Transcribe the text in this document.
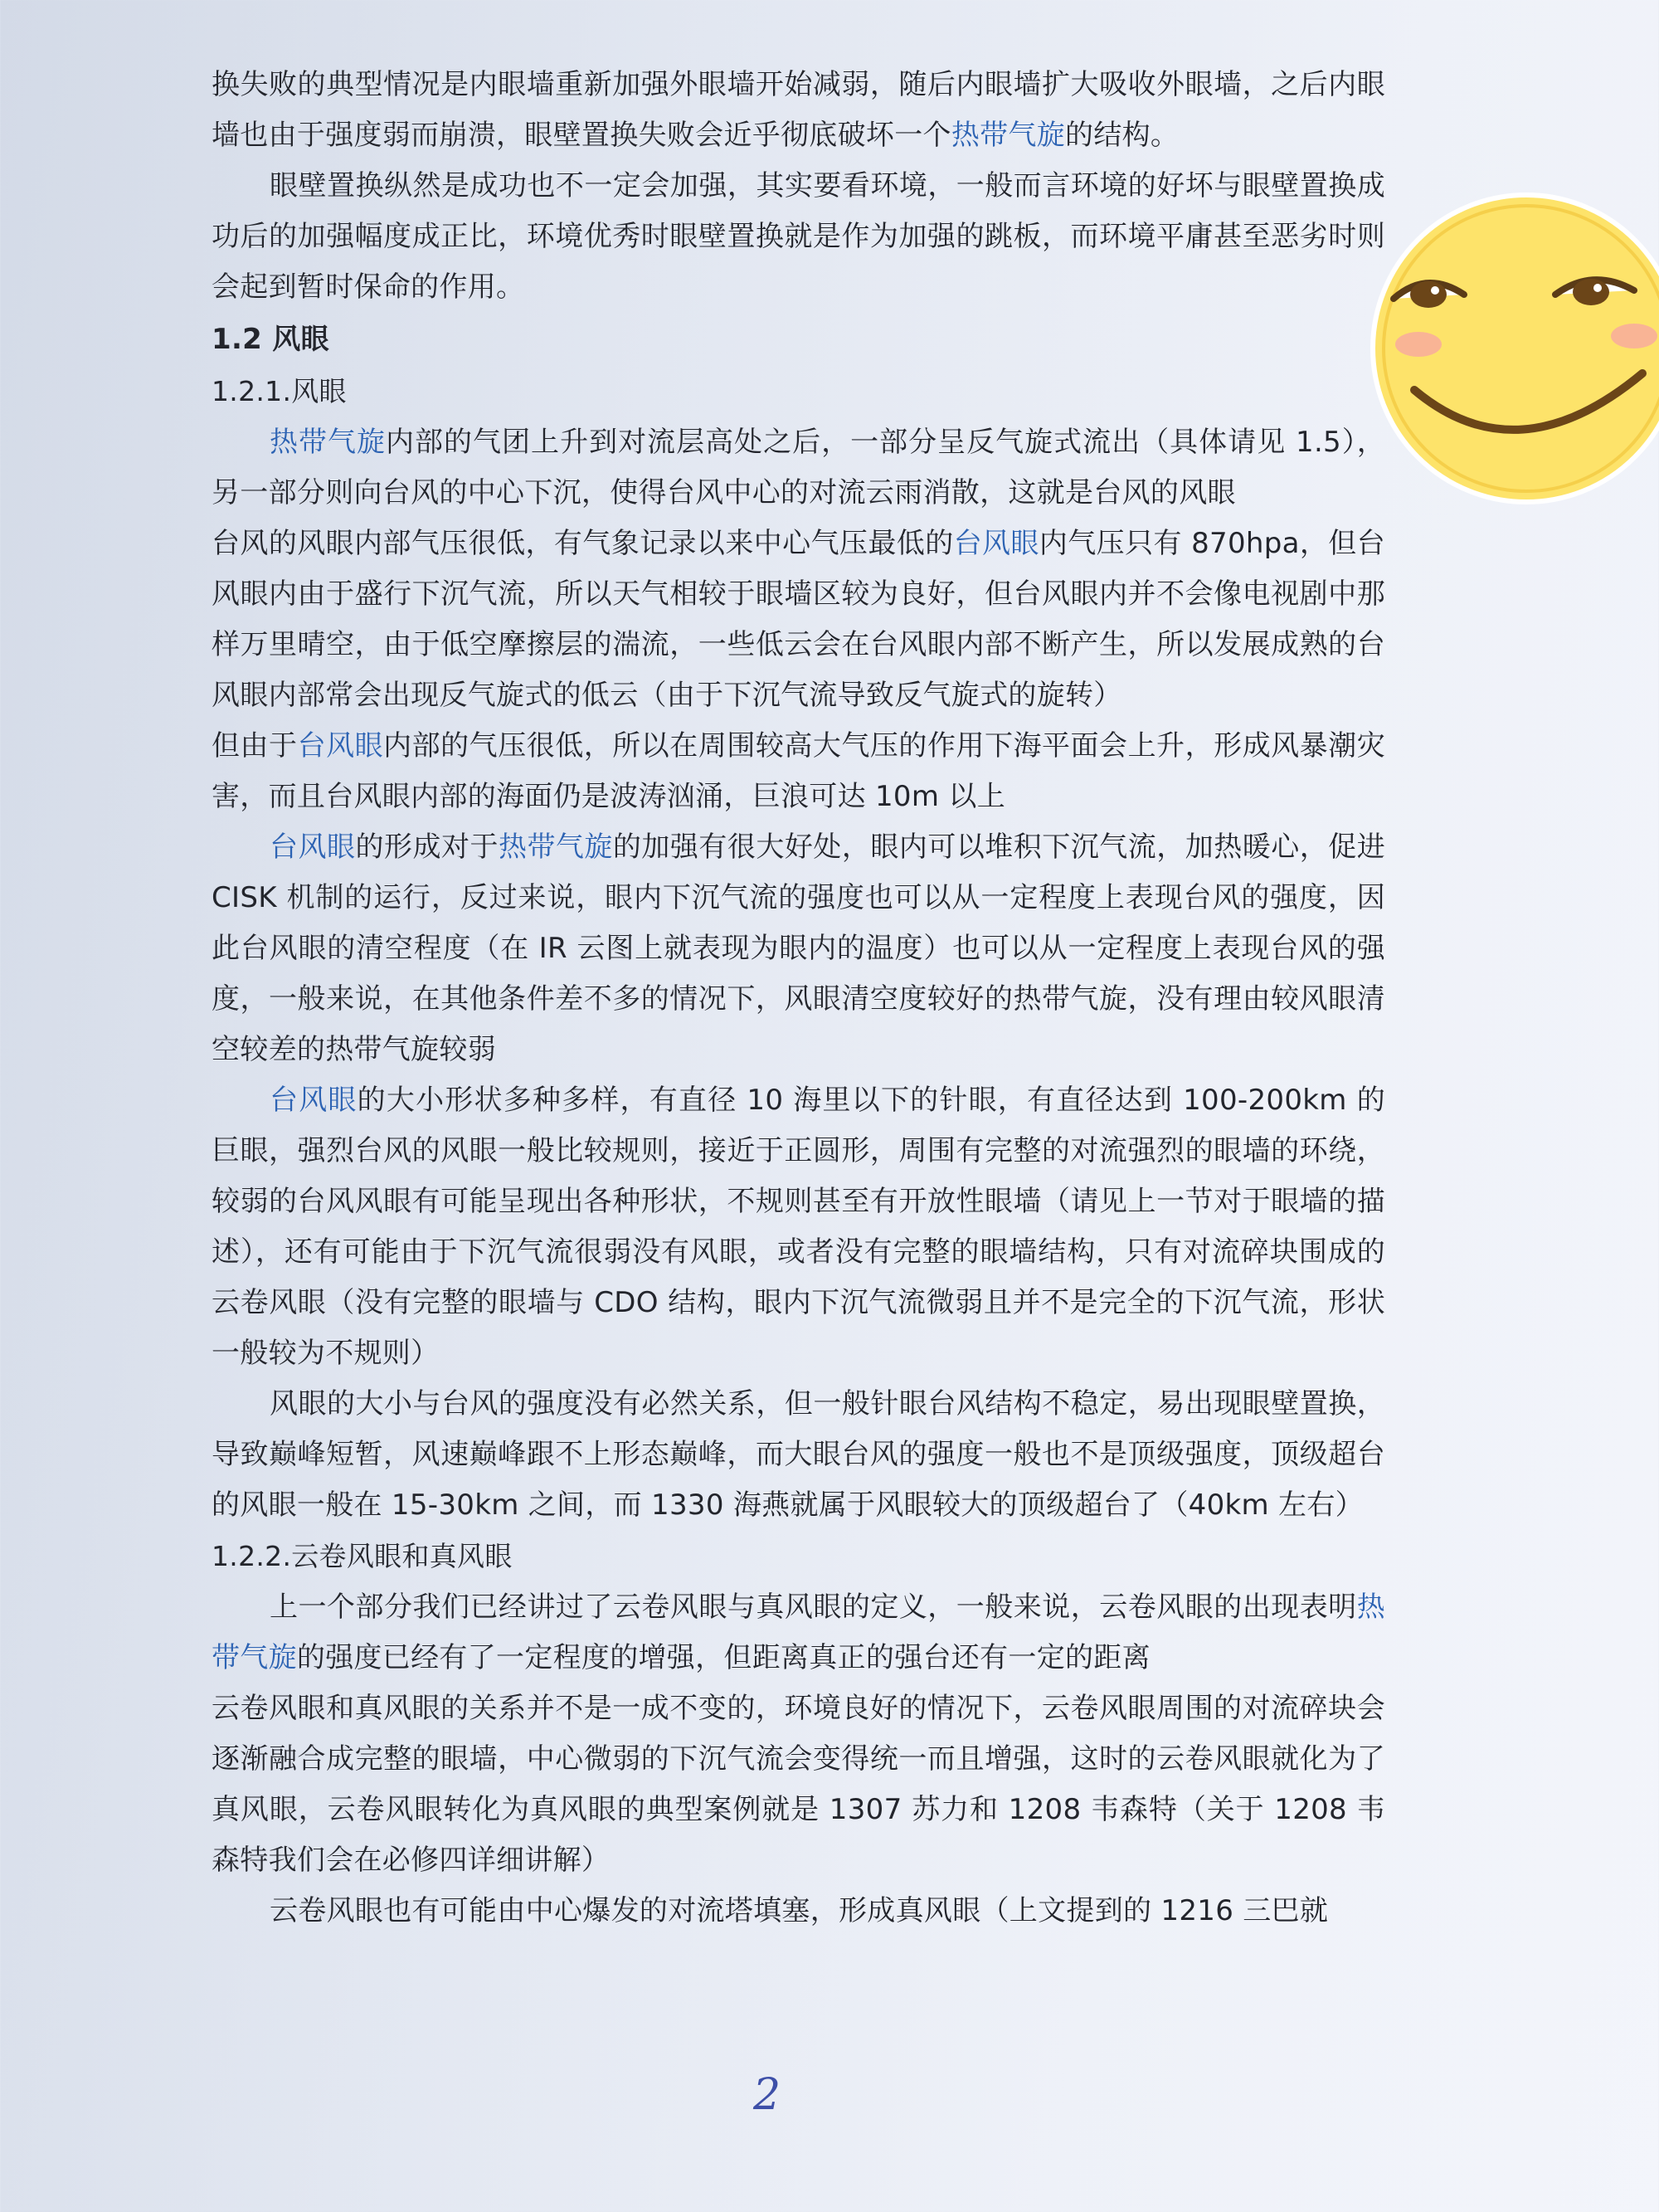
换失败的典型情况是内眼墙重新加强外眼墙开始减弱，随后内眼墙扩大吸收外眼墙，之后内眼墙也由于强度弱而崩溃，眼壁置换失败会近乎彻底破坏一个热带气旋的结构。

眼壁置换纵然是成功也不一定会加强，其实要看环境，一般而言环境的好坏与眼壁置换成功后的加强幅度成正比，环境优秀时眼壁置换就是作为加强的跳板，而环境平庸甚至恶劣时则会起到暂时保命的作用。

1.2 风眼
1.2.1.风眼

热带气旋内部的气团上升到对流层高处之后，一部分呈反气旋式流出（具体请见 1.5），另一部分则向台风的中心下沉，使得台风中心的对流云雨消散，这就是台风的风眼

台风的风眼内部气压很低，有气象记录以来中心气压最低的台风眼内气压只有 870hpa，但台风眼内由于盛行下沉气流，所以天气相较于眼墙区较为良好，但台风眼内并不会像电视剧中那样万里晴空，由于低空摩擦层的湍流，一些低云会在台风眼内部不断产生，所以发展成熟的台风眼内部常会出现反气旋式的低云（由于下沉气流导致反气旋式的旋转）

但由于台风眼内部的气压很低，所以在周围较高大气压的作用下海平面会上升，形成风暴潮灾害，而且台风眼内部的海面仍是波涛汹涌，巨浪可达 10m 以上

台风眼的形成对于热带气旋的加强有很大好处，眼内可以堆积下沉气流，加热暖心，促进 CISK 机制的运行，反过来说，眼内下沉气流的强度也可以从一定程度上表现台风的强度，因此台风眼的清空程度（在 IR 云图上就表现为眼内的温度）也可以从一定程度上表现台风的强度，一般来说，在其他条件差不多的情况下，风眼清空度较好的热带气旋，没有理由较风眼清空较差的热带气旋较弱

台风眼的大小形状多种多样，有直径 10 海里以下的针眼，有直径达到 100-200km 的巨眼，强烈台风的风眼一般比较规则，接近于正圆形，周围有完整的对流强烈的眼墙的环绕，较弱的台风风眼有可能呈现出各种形状，不规则甚至有开放性眼墙（请见上一节对于眼墙的描述），还有可能由于下沉气流很弱没有风眼，或者没有完整的眼墙结构，只有对流碎块围成的云卷风眼（没有完整的眼墙与 CDO 结构，眼内下沉气流微弱且并不是完全的下沉气流，形状一般较为不规则）

风眼的大小与台风的强度没有必然关系，但一般针眼台风结构不稳定，易出现眼壁置换，导致巅峰短暂，风速巅峰跟不上形态巅峰，而大眼台风的强度一般也不是顶级强度，顶级超台的风眼一般在 15-30km 之间，而 1330 海燕就属于风眼较大的顶级超台了（40km 左右）

1.2.2.云卷风眼和真风眼

上一个部分我们已经讲过了云卷风眼与真风眼的定义，一般来说，云卷风眼的出现表明热带气旋的强度已经有了一定程度的增强，但距离真正的强台还有一定的距离

云卷风眼和真风眼的关系并不是一成不变的，环境良好的情况下，云卷风眼周围的对流碎块会逐渐融合成完整的眼墙，中心微弱的下沉气流会变得统一而且增强，这时的云卷风眼就化为了真风眼，云卷风眼转化为真风眼的典型案例就是 1307 苏力和 1208 韦森特（关于 1208 韦森特我们会在必修四详细讲解）

云卷风眼也有可能由中心爆发的对流塔填塞，形成真风眼（上文提到的 1216 三巴就

2
